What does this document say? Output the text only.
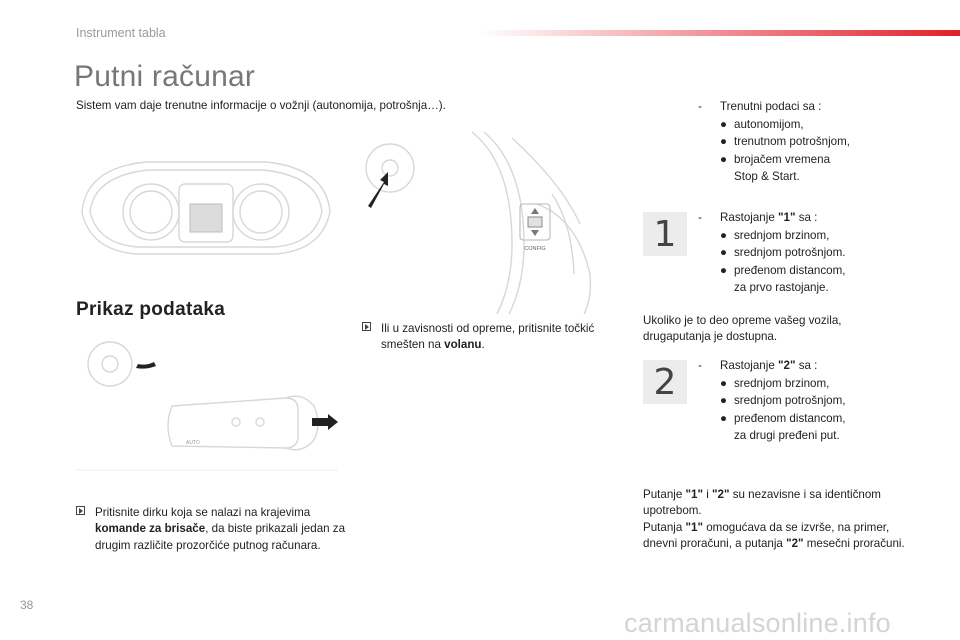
Instrument tabla
Putni računar
Sistem vam daje trenutne informacije o vožnji (autonomija, potrošnja…).
CONFIG
Prikaz podataka
AUTO
Pritisnite dirku koja se nalazi na krajevima komande za brisače, da biste prikazali jedan za drugim različite prozorčiće putnog računara.
Ili u zavisnosti od opreme, pritisnite točkić smešten na volanu.
-	Trenutni podaci sa :
● autonomijom,
● trenutnom potrošnjom,
● brojačem vremena
Stop & Start.
1	-	Rastojanje "1" sa :
● srednjom brzinom,
● srednjom potrošnjom.
● pređenom distancom,
za prvo rastojanje.
Ukoliko je to deo opreme vašeg vozila, drugaputanja je dostupna.
2	-	Rastojanje "2" sa :
● srednjom brzinom,
● srednjom potrošnjom,
● pređenom distancom,
za drugi pređeni put.
Putanje "1" i "2" su nezavisne i sa identičnom upotrebom.
Putanja "1" omogućava da se izvrše, na primer, dnevni proračuni, a putanja "2" mesečni proračuni.
38
carmanualsonline.info
